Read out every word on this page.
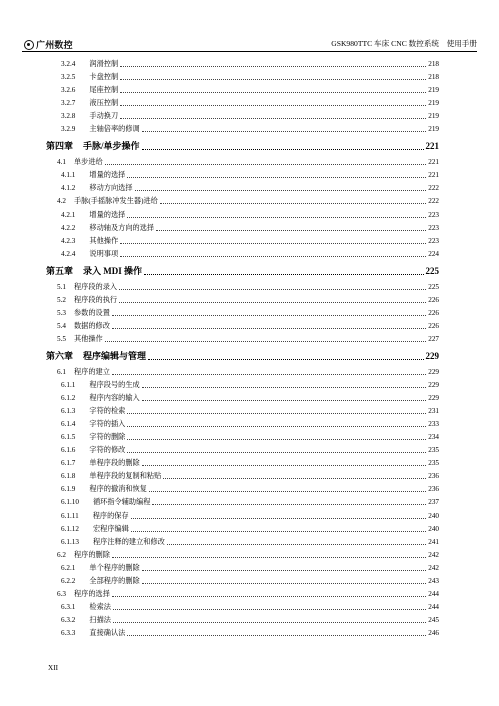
广州数控	GSK980TTC 车床 CNC 数控系统　使用手册
3.2.4 润滑控制	218
3.2.5 卡盘控制	218
3.2.6 尾座控制	219
3.2.7 液压控制	219
3.2.8 手动换刀	219
3.2.9 主轴倍率的修调	219
第四章 手脉/单步操作	221
4.1 单步进给	221
4.1.1 增量的选择	221
4.1.2 移动方向选择	222
4.2 手脉(手摇脉冲发生器)进给	222
4.2.1 增量的选择	223
4.2.2 移动轴及方向的选择	223
4.2.3 其他操作	223
4.2.4 说明事项	224
第五章 录入 MDI 操作	225
5.1 程序段的录入	225
5.2 程序段的执行	226
5.3 参数的设置	226
5.4 数据的修改	226
5.5 其他操作	227
第六章 程序编辑与管理	229
6.1 程序的建立	229
6.1.1 程序段号的生成	229
6.1.2 程序内容的输入	229
6.1.3 字符的检索	231
6.1.4 字符的插入	233
6.1.5 字符的删除	234
6.1.6 字符的修改	235
6.1.7 单程序段的删除	235
6.1.8 单程序段的复制和粘贴	236
6.1.9 程序的撤消和恢复	236
6.1.10 循环指令辅助编程	237
6.1.11 程序的保存	240
6.1.12 宏程序编辑	240
6.1.13 程序注释的建立和修改	241
6.2 程序的删除	242
6.2.1 单个程序的删除	242
6.2.2 全部程序的删除	243
6.3 程序的选择	244
6.3.1 检索法	244
6.3.2 扫描法	245
6.3.3 直接确认法	246
XII
